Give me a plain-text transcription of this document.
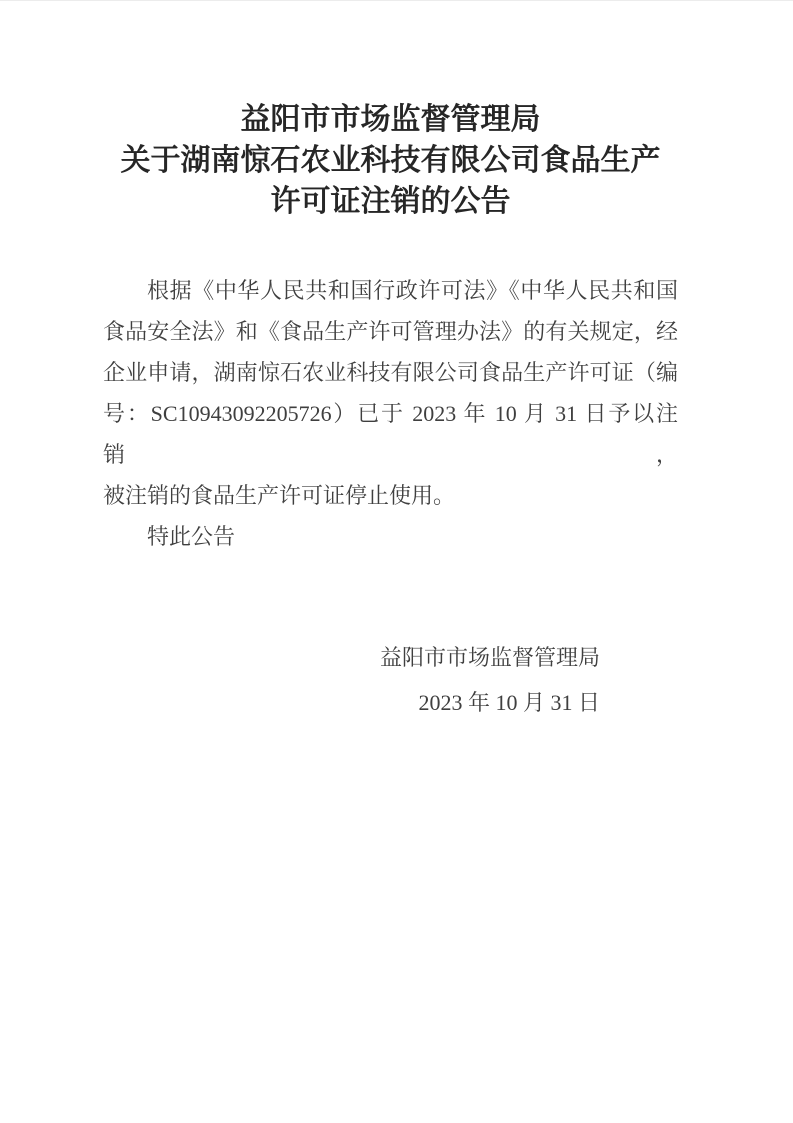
益阳市市场监督管理局
关于湖南惊石农业科技有限公司食品生产
许可证注销的公告
根据《中华人民共和国行政许可法》《中华人民共和国
食品安全法》和《食品生产许可管理办法》的有关规定，经
企业申请，湖南惊石农业科技有限公司食品生产许可证（编
号：SC10943092205726）已于 2023 年 10 月 31 日予以注销，
被注销的食品生产许可证停止使用。
特此公告
益阳市市场监督管理局
2023 年 10 月 31 日
